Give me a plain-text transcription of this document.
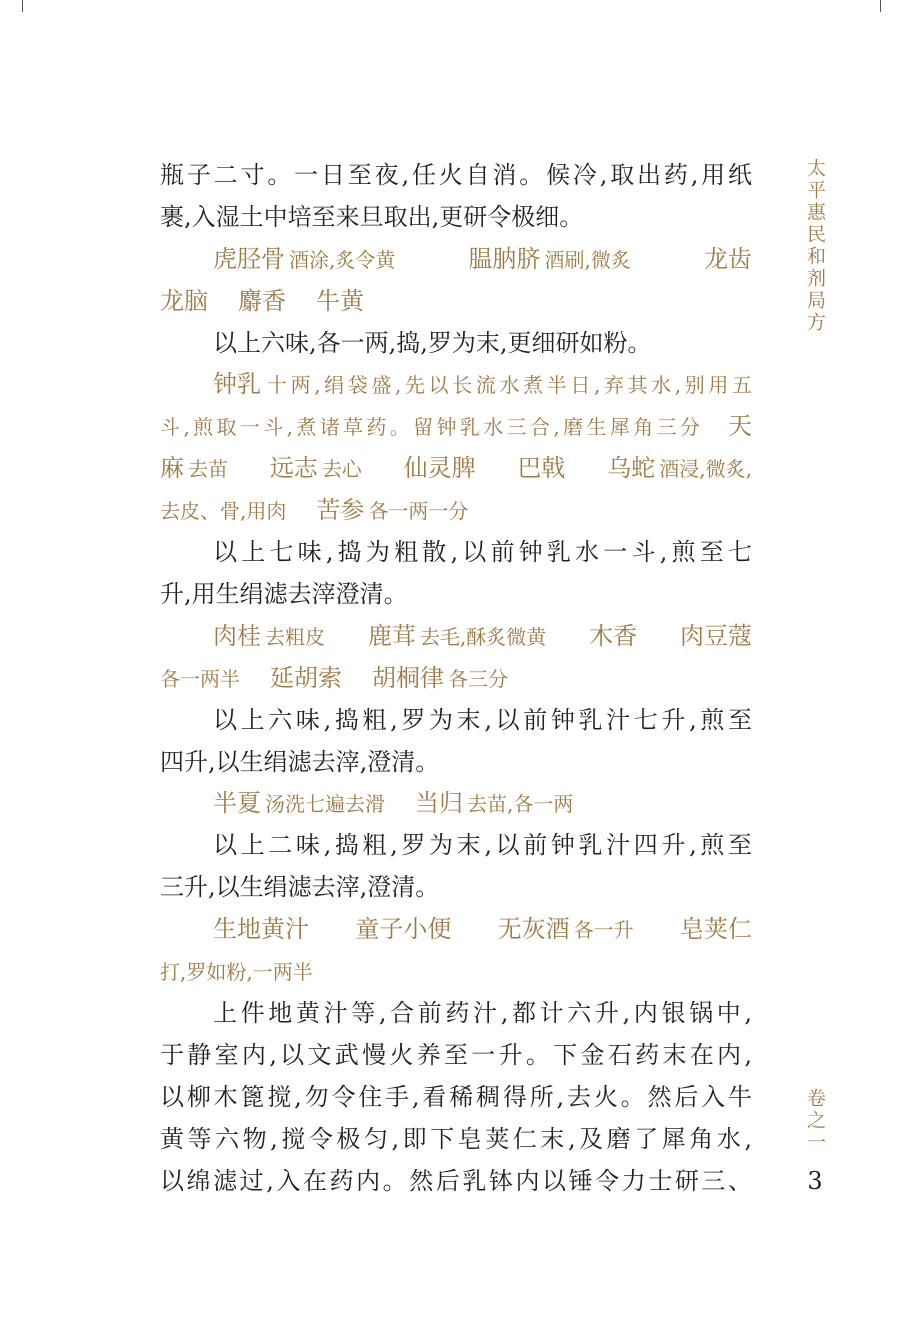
太平惠民和剂局方
卷之一
3
瓶子二寸。一日至夜,任火自消。候冷,取出药,用纸
裹,入湿土中培至来旦取出,更研令极细。
虎胫骨 酒涂,炙令黄	腽肭脐 酒刷,微炙	龙齿
龙脑 麝香 牛黄
以上六味,各一两,捣,罗为末,更细研如粉。
钟乳 十两,绢袋盛,先以长流水煮半日,弃其水,别用五
斗,煎取一斗,煮诸草药。留钟乳水三合,磨生犀角三分 天
麻 去苗 远志 去心 仙灵脾 巴戟 乌蛇 酒浸,微炙,
去皮、骨,用肉 苦参 各一两一分
以上七味,捣为粗散,以前钟乳水一斗,煎至七
升,用生绢滤去滓澄清。
肉桂 去粗皮 鹿茸 去毛,酥炙微黄 木香 肉豆蔻
各一两半 延胡索 胡桐律 各三分
以上六味,捣粗,罗为末,以前钟乳汁七升,煎至
四升,以生绢滤去滓,澄清。
半夏 汤洗七遍去滑 当归 去苗,各一两
以上二味,捣粗,罗为末,以前钟乳汁四升,煎至
三升,以生绢滤去滓,澄清。
生地黄汁 童子小便 无灰酒 各一升 皂荚仁
打,罗如粉,一两半
上件地黄汁等,合前药汁,都计六升,内银锅中,
于静室内,以文武慢火养至一升。下金石药末在内,
以柳木篦搅,勿令住手,看稀稠得所,去火。然后入牛
黄等六物,搅令极匀,即下皂荚仁末,及磨了犀角水,
以绵滤过,入在药内。然后乳钵内以锤令力士研三、
